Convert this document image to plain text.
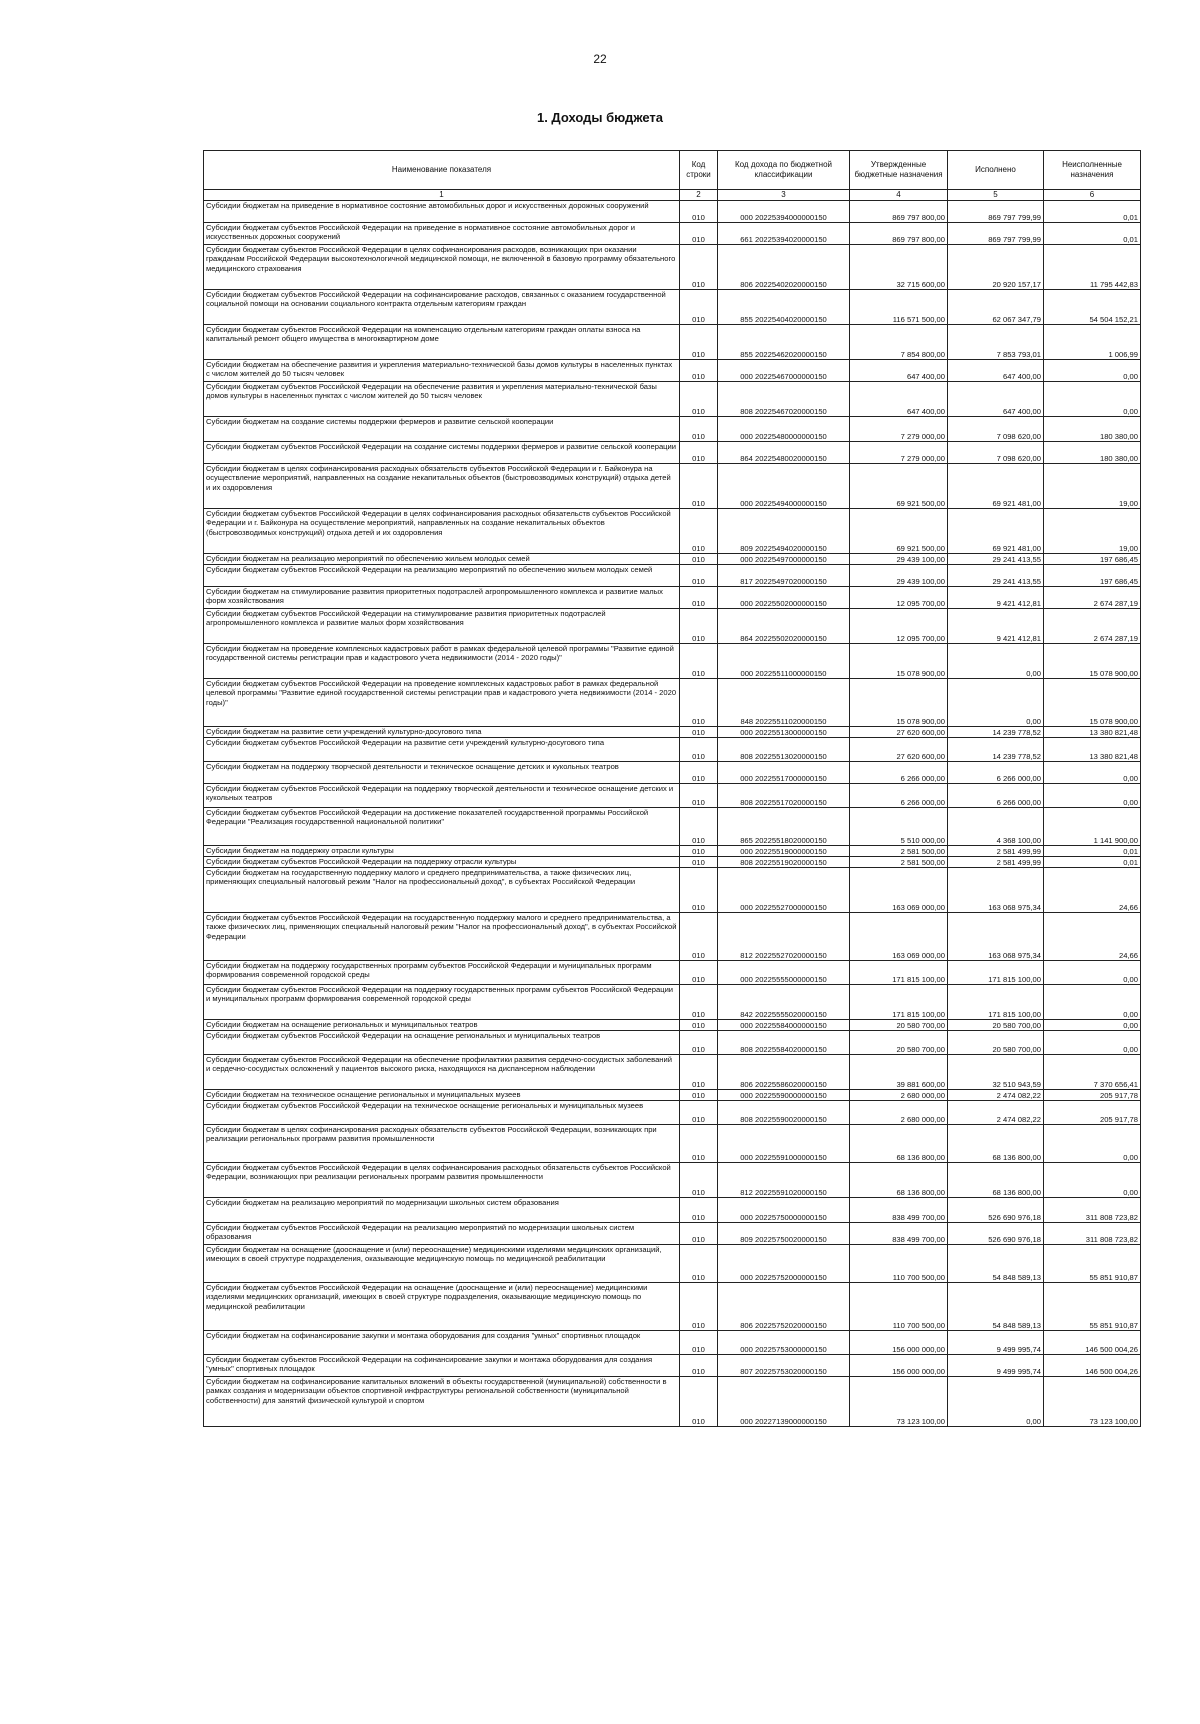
22
1. Доходы бюджета
Наименование показателя	Код строки	Код дохода по бюджетной классификации	Утвержденные бюджетные назначения	Исполнено	Неисполненные назначения
1	2	3	4	5	6
Субсидии бюджетам на приведение в нормативное состояние автомобильных дорог и искусственных дорожных сооружений	010	000 20225394000000150	869 797 800,00	869 797 799,99	0,01
Субсидии бюджетам субъектов Российской Федерации на приведение в нормативное состояние автомобильных дорог и искусственных дорожных сооружений	010	661 20225394020000150	869 797 800,00	869 797 799,99	0,01
Субсидии бюджетам субъектов Российской Федерации в целях софинансирования расходов, возникающих при оказании гражданам Российской Федерации высокотехнологичной медицинской помощи, не включенной в базовую программу обязательного медицинского страхования	010	806 20225402020000150	32 715 600,00	20 920 157,17	11 795 442,83
Субсидии бюджетам субъектов Российской Федерации на софинансирование расходов, связанных с оказанием государственной социальной помощи на основании социального контракта отдельным категориям граждан	010	855 20225404020000150	116 571 500,00	62 067 347,79	54 504 152,21
Субсидии бюджетам субъектов Российской Федерации на компенсацию отдельным категориям граждан оплаты взноса на капитальный ремонт общего имущества в многоквартирном доме	010	855 20225462020000150	7 854 800,00	7 853 793,01	1 006,99
Субсидии бюджетам на обеспечение развития и укрепления материально-технической базы домов культуры в населенных пунктах с числом жителей до 50 тысяч человек	010	000 20225467000000150	647 400,00	647 400,00	0,00
Субсидии бюджетам субъектов Российской Федерации на обеспечение развития и укрепления материально-технической базы домов культуры в населенных пунктах с числом жителей до 50 тысяч человек	010	808 20225467020000150	647 400,00	647 400,00	0,00
Субсидии бюджетам на создание системы поддержки фермеров и развитие сельской кооперации	010	000 20225480000000150	7 279 000,00	7 098 620,00	180 380,00
Субсидии бюджетам субъектов Российской Федерации на создание системы поддержки фермеров и развитие сельской кооперации	010	864 20225480020000150	7 279 000,00	7 098 620,00	180 380,00
Субсидии бюджетам в целях софинансирования расходных обязательств субъектов Российской Федерации и г. Байконура на осуществление мероприятий, направленных на создание некапитальных объектов (быстровозводимых конструкций) отдыха детей и их оздоровления	010	000 20225494000000150	69 921 500,00	69 921 481,00	19,00
Субсидии бюджетам субъектов Российской Федерации в целях софинансирования расходных обязательств субъектов Российской Федерации и г. Байконура на осуществление мероприятий, направленных на создание некапитальных объектов (быстровозводимых конструкций) отдыха детей и их оздоровления	010	809 20225494020000150	69 921 500,00	69 921 481,00	19,00
Субсидии бюджетам на реализацию мероприятий по обеспечению жильем молодых семей	010	000 20225497000000150	29 439 100,00	29 241 413,55	197 686,45
Субсидии бюджетам субъектов Российской Федерации на реализацию мероприятий по обеспечению жильем молодых семей	010	817 20225497020000150	29 439 100,00	29 241 413,55	197 686,45
Субсидии бюджетам на стимулирование развития приоритетных подотраслей агропромышленного комплекса и развитие малых форм хозяйствования	010	000 20225502000000150	12 095 700,00	9 421 412,81	2 674 287,19
Субсидии бюджетам субъектов Российской Федерации на стимулирование развития приоритетных подотраслей агропромышленного комплекса и развитие малых форм хозяйствования	010	864 20225502020000150	12 095 700,00	9 421 412,81	2 674 287,19
Субсидии бюджетам на проведение комплексных кадастровых работ в рамках федеральной целевой программы "Развитие единой государственной системы регистрации прав и кадастрового учета недвижимости (2014 - 2020 годы)"	010	000 20225511000000150	15 078 900,00	0,00	15 078 900,00
Субсидии бюджетам субъектов Российской Федерации на проведение комплексных кадастровых работ в рамках федеральной целевой программы "Развитие единой государственной системы регистрации прав и кадастрового учета недвижимости (2014 - 2020 годы)"	010	848 20225511020000150	15 078 900,00	0,00	15 078 900,00
Субсидии бюджетам на развитие сети учреждений культурно-досугового типа	010	000 20225513000000150	27 620 600,00	14 239 778,52	13 380 821,48
Субсидии бюджетам субъектов Российской Федерации на развитие сети учреждений культурно-досугового типа	010	808 20225513020000150	27 620 600,00	14 239 778,52	13 380 821,48
Субсидии бюджетам на поддержку творческой деятельности и техническое оснащение детских и кукольных театров	010	000 20225517000000150	6 266 000,00	6 266 000,00	0,00
Субсидии бюджетам субъектов Российской Федерации на поддержку творческой деятельности и техническое оснащение детских и кукольных театров	010	808 20225517020000150	6 266 000,00	6 266 000,00	0,00
Субсидии бюджетам субъектов Российской Федерации на достижение показателей государственной программы Российской Федерации "Реализация государственной национальной политики"	010	865 20225518020000150	5 510 000,00	4 368 100,00	1 141 900,00
Субсидии бюджетам на поддержку отрасли культуры	010	000 20225519000000150	2 581 500,00	2 581 499,99	0,01
Субсидии бюджетам субъектов Российской Федерации на поддержку отрасли культуры	010	808 20225519020000150	2 581 500,00	2 581 499,99	0,01
Субсидии бюджетам на государственную поддержку малого и среднего предпринимательства, а также физических лиц, применяющих специальный налоговый режим "Налог на профессиональный доход", в субъектах Российской Федерации	010	000 20225527000000150	163 069 000,00	163 068 975,34	24,66
Субсидии бюджетам субъектов Российской Федерации на государственную поддержку малого и среднего предпринимательства, а также физических лиц, применяющих специальный налоговый режим "Налог на профессиональный доход", в субъектах Российской Федерации	010	812 20225527020000150	163 069 000,00	163 068 975,34	24,66
Субсидии бюджетам на поддержку государственных программ субъектов Российской Федерации и муниципальных программ формирования современной городской среды	010	000 20225555000000150	171 815 100,00	171 815 100,00	0,00
Субсидии бюджетам субъектов Российской Федерации на поддержку государственных программ субъектов Российской Федерации и муниципальных программ формирования современной городской среды	010	842 20225555020000150	171 815 100,00	171 815 100,00	0,00
Субсидии бюджетам на оснащение региональных и муниципальных театров	010	000 20225584000000150	20 580 700,00	20 580 700,00	0,00
Субсидии бюджетам субъектов Российской Федерации на оснащение региональных и муниципальных театров	010	808 20225584020000150	20 580 700,00	20 580 700,00	0,00
Субсидии бюджетам субъектов Российской Федерации на обеспечение профилактики развития сердечно-сосудистых заболеваний и сердечно-сосудистых осложнений у пациентов высокого риска, находящихся на диспансерном наблюдении	010	806 20225586020000150	39 881 600,00	32 510 943,59	7 370 656,41
Субсидии бюджетам на техническое оснащение региональных и муниципальных музеев	010	000 20225590000000150	2 680 000,00	2 474 082,22	205 917,78
Субсидии бюджетам субъектов Российской Федерации на техническое оснащение региональных и муниципальных музеев	010	808 20225590020000150	2 680 000,00	2 474 082,22	205 917,78
Субсидии бюджетам в целях софинансирования расходных обязательств субъектов Российской Федерации, возникающих при реализации региональных программ развития промышленности	010	000 20225591000000150	68 136 800,00	68 136 800,00	0,00
Субсидии бюджетам субъектов Российской Федерации в целях софинансирования расходных обязательств субъектов Российской Федерации, возникающих при реализации региональных программ развития промышленности	010	812 20225591020000150	68 136 800,00	68 136 800,00	0,00
Субсидии бюджетам на реализацию мероприятий по модернизации школьных систем образования	010	000 20225750000000150	838 499 700,00	526 690 976,18	311 808 723,82
Субсидии бюджетам субъектов Российской Федерации на реализацию мероприятий по модернизации школьных систем образования	010	809 20225750020000150	838 499 700,00	526 690 976,18	311 808 723,82
Субсидии бюджетам на оснащение (дооснащение и (или) переоснащение) медицинскими изделиями медицинских организаций, имеющих в своей структуре подразделения, оказывающие медицинскую помощь по медицинской реабилитации	010	000 20225752000000150	110 700 500,00	54 848 589,13	55 851 910,87
Субсидии бюджетам субъектов Российской Федерации на оснащение (дооснащение и (или) переоснащение) медицинскими изделиями медицинских организаций, имеющих в своей структуре подразделения, оказывающие медицинскую помощь по медицинской реабилитации	010	806 20225752020000150	110 700 500,00	54 848 589,13	55 851 910,87
Субсидии бюджетам на софинансирование закупки и монтажа оборудования для создания "умных" спортивных площадок	010	000 20225753000000150	156 000 000,00	9 499 995,74	146 500 004,26
Субсидии бюджетам субъектов Российской Федерации на софинансирование закупки и монтажа оборудования для создания "умных" спортивных площадок	010	807 20225753020000150	156 000 000,00	9 499 995,74	146 500 004,26
Субсидии бюджетам на софинансирование капитальных вложений в объекты государственной (муниципальной) собственности в рамках создания и модернизации объектов спортивной инфраструктуры региональной собственности (муниципальной собственности) для занятий физической культурой и спортом	010	000 20227139000000150	73 123 100,00	0,00	73 123 100,00
